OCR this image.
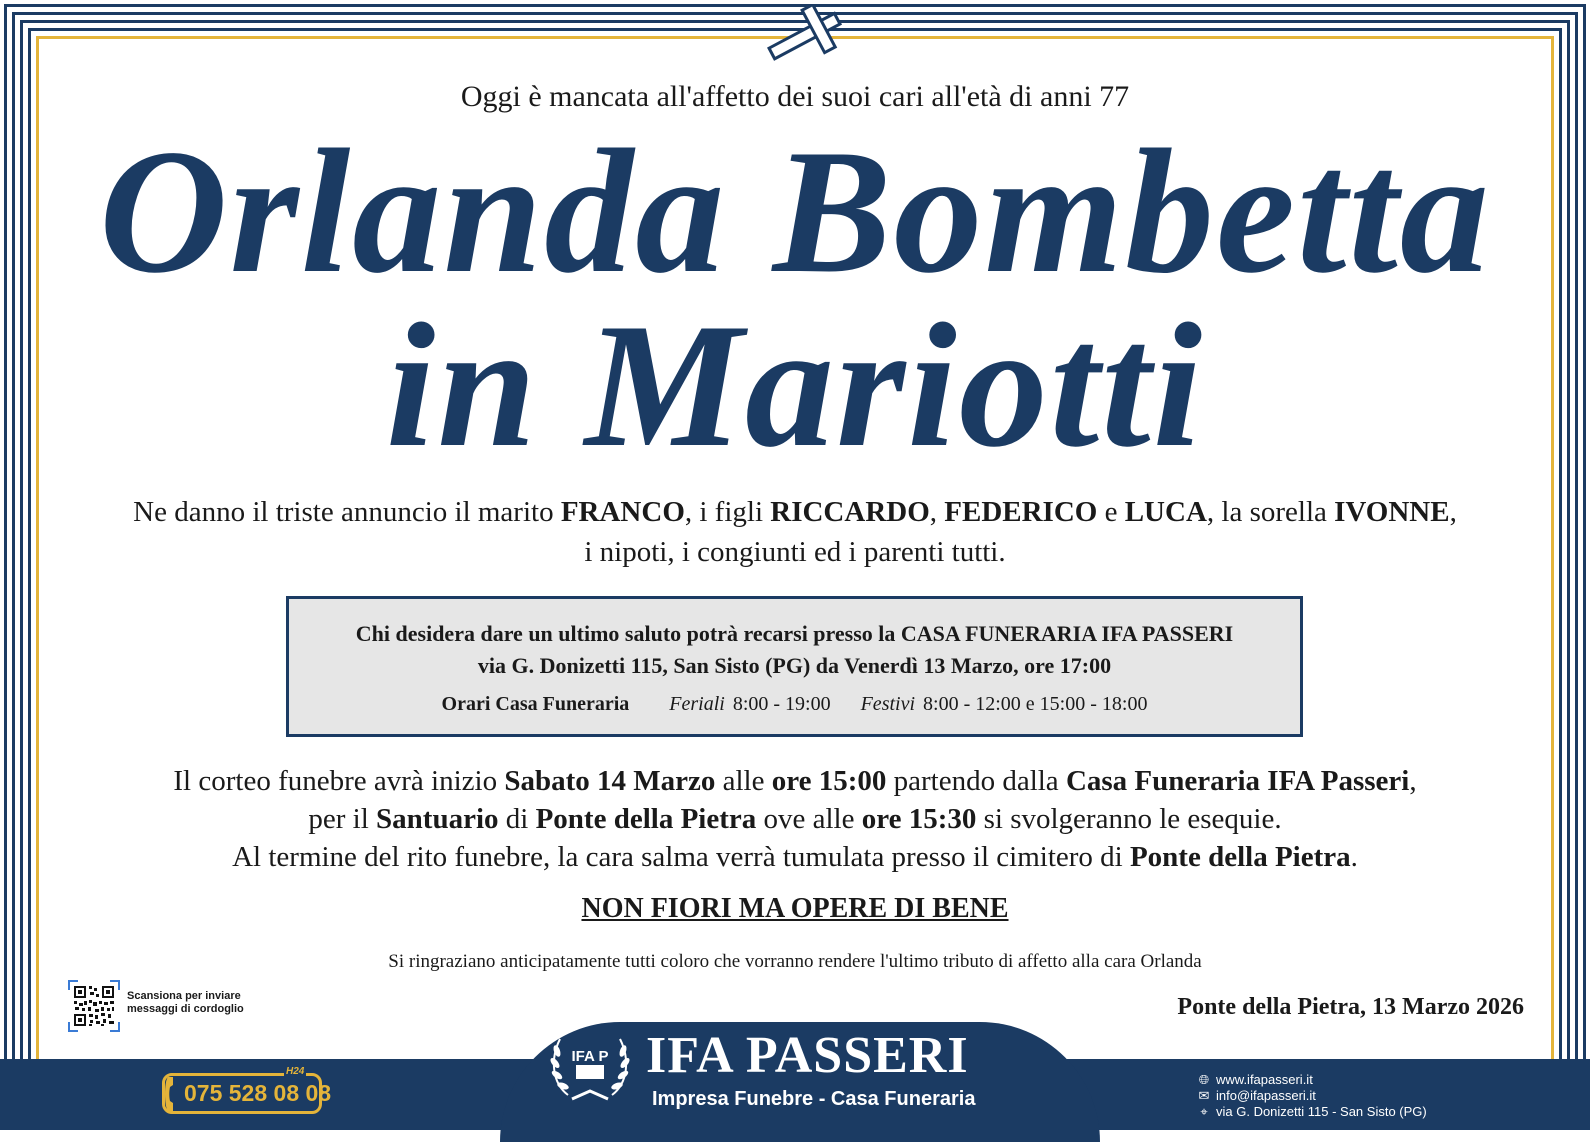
Oggi è mancata all'affetto dei suoi cari all'età di anni 77
Orlanda Bombetta
in Mariotti
Ne danno il triste annuncio il marito FRANCO, i figli RICCARDO, FEDERICO e LUCA, la sorella IVONNE,
i nipoti, i congiunti ed i parenti tutti.
Chi desidera dare un ultimo saluto potrà recarsi presso la CASA FUNERARIA IFA PASSERI
via G. Donizetti 115, San Sisto (PG) da Venerdì 13 Marzo, ore 17:00
Orari Casa Funeraria Feriali 8:00 - 19:00 Festivi 8:00 - 12:00 e 15:00 - 18:00
Il corteo funebre avrà inizio Sabato 14 Marzo alle ore 15:00 partendo dalla Casa Funeraria IFA Passeri,
per il Santuario di Ponte della Pietra ove alle ore 15:30 si svolgeranno le esequie.
Al termine del rito funebre, la cara salma verrà tumulata presso il cimitero di Ponte della Pietra.
NON FIORI MA OPERE DI BENE
Si ringraziano anticipatamente tutti coloro che vorranno rendere l'ultimo tributo di affetto alla cara Orlanda
Scansiona per inviare
messaggi di cordoglio	Ponte della Pietra, 13 Marzo 2026
075 528 08 08
H24
IFA P IFA PASSERI
Impresa Funebre - Casa Funeraria
🌐︎ www.ifapasseri.it
✉︎ info@ifapasseri.it
⌖ via G. Donizetti 115 - San Sisto (PG)
